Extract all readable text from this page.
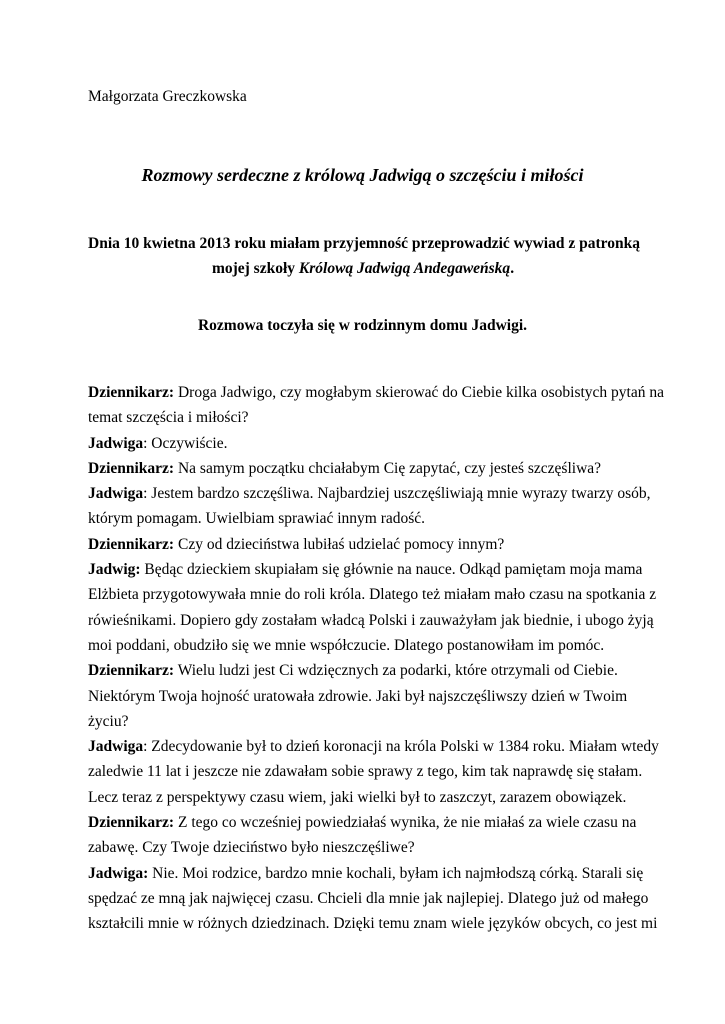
Małgorzata Greczkowska
Rozmowy serdeczne z królową Jadwigą o szczęściu i miłości
Dnia 10 kwietna 2013 roku miałam przyjemność przeprowadzić wywiad z patronką
mojej szkoły Królową Jadwigą Andegaweńską.
Rozmowa toczyła się w rodzinnym domu Jadwigi.
Dziennikarz: Droga Jadwigo, czy mogłabym skierować do Ciebie kilka osobistych pytań na
temat szczęścia i miłości?
Jadwiga: Oczywiście.
Dziennikarz: Na samym początku chciałabym Cię zapytać, czy jesteś szczęśliwa?
Jadwiga: Jestem bardzo szczęśliwa. Najbardziej uszczęśliwiają mnie wyrazy twarzy osób,
którym pomagam. Uwielbiam sprawiać innym radość.
Dziennikarz: Czy od dzieciństwa lubiłaś udzielać pomocy innym?
Jadwig: Będąc dzieckiem skupiałam się głównie na nauce. Odkąd pamiętam moja mama
Elżbieta przygotowywała mnie do roli króla. Dlatego też miałam mało czasu na spotkania z
rówieśnikami. Dopiero gdy zostałam władcą Polski i zauważyłam jak biednie, i ubogo żyją
moi poddani, obudziło się we mnie współczucie. Dlatego postanowiłam im pomóc.
Dziennikarz: Wielu ludzi jest Ci wdzięcznych za podarki, które otrzymali od Ciebie.
Niektórym Twoja hojność uratowała zdrowie. Jaki był najszczęśliwszy dzień w Twoim
życiu?
Jadwiga: Zdecydowanie był to dzień koronacji na króla Polski w 1384 roku. Miałam wtedy
zaledwie 11 lat i jeszcze nie zdawałam sobie sprawy z tego, kim tak naprawdę się stałam.
Lecz teraz z perspektywy czasu wiem, jaki wielki był to zaszczyt, zarazem obowiązek.
Dziennikarz: Z tego co wcześniej powiedziałaś wynika, że nie miałaś za wiele czasu na
zabawę. Czy Twoje dzieciństwo było nieszczęśliwe?
Jadwiga: Nie. Moi rodzice, bardzo mnie kochali, byłam ich najmłodszą córką. Starali się
spędzać ze mną jak najwięcej czasu. Chcieli dla mnie jak najlepiej. Dlatego już od małego
kształcili mnie w różnych dziedzinach. Dzięki temu znam wiele języków obcych, co jest mi
